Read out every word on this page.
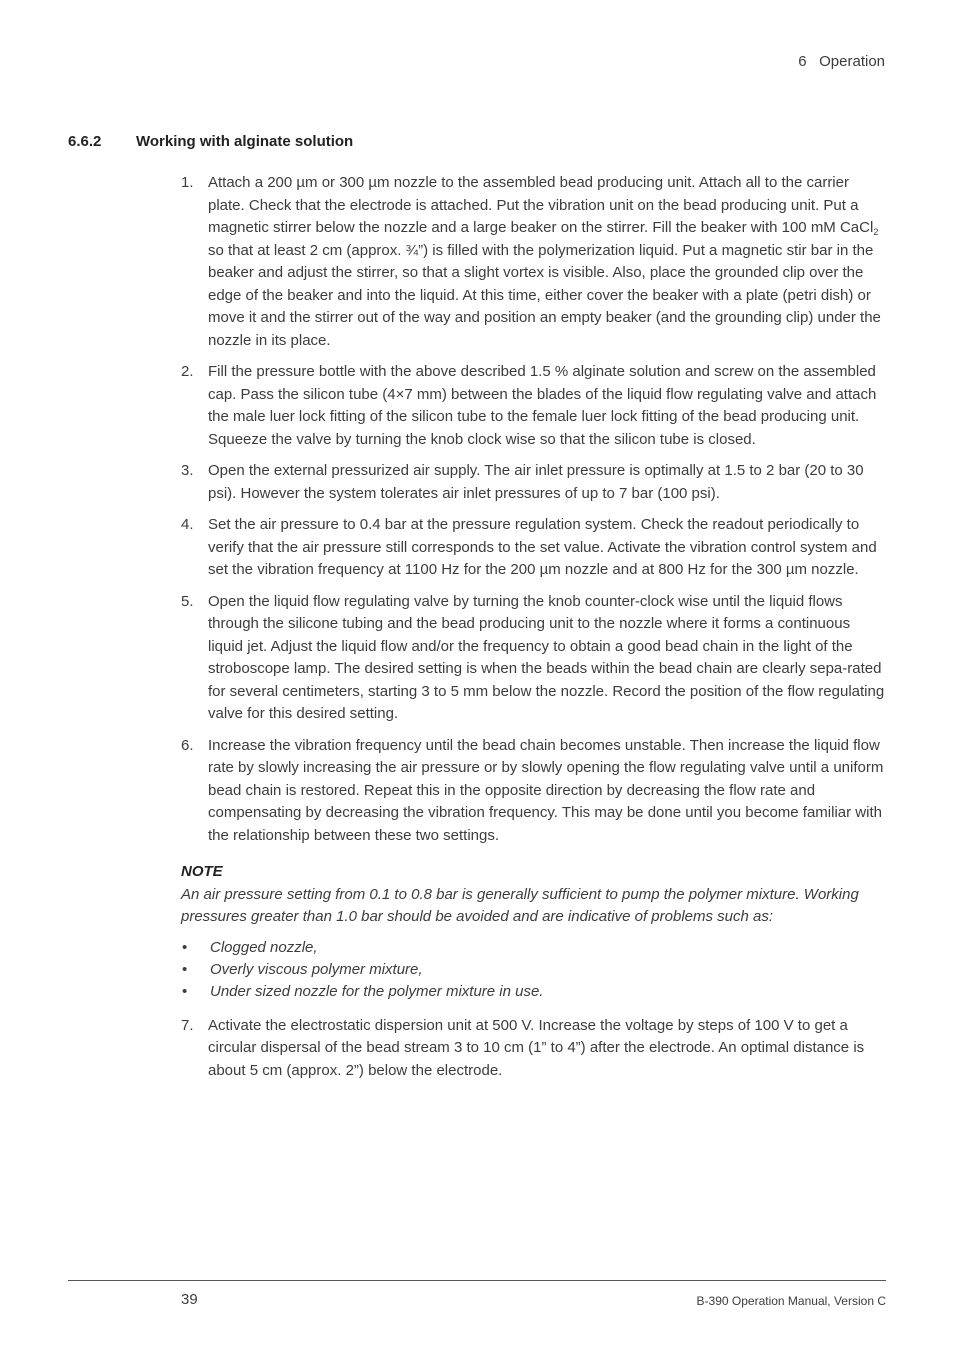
6   Operation
6.6.2 Working with alginate solution
1. Attach a 200 µm or 300 µm nozzle to the assembled bead producing unit. Attach all to the carrier plate. Check that the electrode is attached. Put the vibration unit on the bead producing unit. Put a magnetic stirrer below the nozzle and a large beaker on the stirrer. Fill the beaker with 100 mM CaCl$_2$ so that at least 2 cm (approx. ¾”) is filled with the polymerization liquid. Put a magnetic stir bar in the beaker and adjust the stirrer, so that a slight vortex is visible. Also, place the grounded clip over the edge of the beaker and into the liquid. At this time, either cover the beaker with a plate (petri dish) or move it and the stirrer out of the way and position an empty beaker (and the grounding clip) under the nozzle in its place.
2. Fill the pressure bottle with the above described 1.5 % alginate solution and screw on the assembled cap. Pass the silicon tube (4×7 mm) between the blades of the liquid flow regulating valve and attach the male luer lock fitting of the silicon tube to the female luer lock fitting of the bead producing unit. Squeeze the valve by turning the knob clock wise so that the silicon tube is closed.
3. Open the external pressurized air supply. The air inlet pressure is optimally at 1.5 to 2 bar (20 to 30 psi). However the system tolerates air inlet pressures of up to 7 bar (100 psi).
4. Set the air pressure to 0.4 bar at the pressure regulation system. Check the readout periodically to verify that the air pressure still corresponds to the set value. Activate the vibration control system and set the vibration frequency at 1100 Hz for the 200 µm nozzle and at 800 Hz for the 300 µm nozzle.
5. Open the liquid flow regulating valve by turning the knob counter-clock wise until the liquid flows through the silicone tubing and the bead producing unit to the nozzle where it forms a continuous liquid jet. Adjust the liquid flow and/or the frequency to obtain a good bead chain in the light of the stroboscope lamp. The desired setting is when the beads within the bead chain are clearly sepa-rated for several centimeters, starting 3 to 5 mm below the nozzle. Record the position of the flow regulating valve for this desired setting.
6. Increase the vibration frequency until the bead chain becomes unstable. Then increase the liquid flow rate by slowly increasing the air pressure or by slowly opening the flow regulating valve until a uniform bead chain is restored. Repeat this in the opposite direction by decreasing the flow rate and compensating by decreasing the vibration frequency. This may be done until you become familiar with the relationship between these two settings.
NOTE
An air pressure setting from 0.1 to 0.8 bar is generally sufficient to pump the polymer mixture. Working pressures greater than 1.0 bar should be avoided and are indicative of problems such as:
• Clogged nozzle,
• Overly viscous polymer mixture,
• Under sized nozzle for the polymer mixture in use.
7. Activate the electrostatic dispersion unit at 500 V. Increase the voltage by steps of 100 V to get a circular dispersal of the bead stream 3 to 10 cm (1” to 4”) after the electrode. An optimal distance is about 5 cm (approx. 2”) below the electrode.
39	B-390 Operation Manual, Version C
